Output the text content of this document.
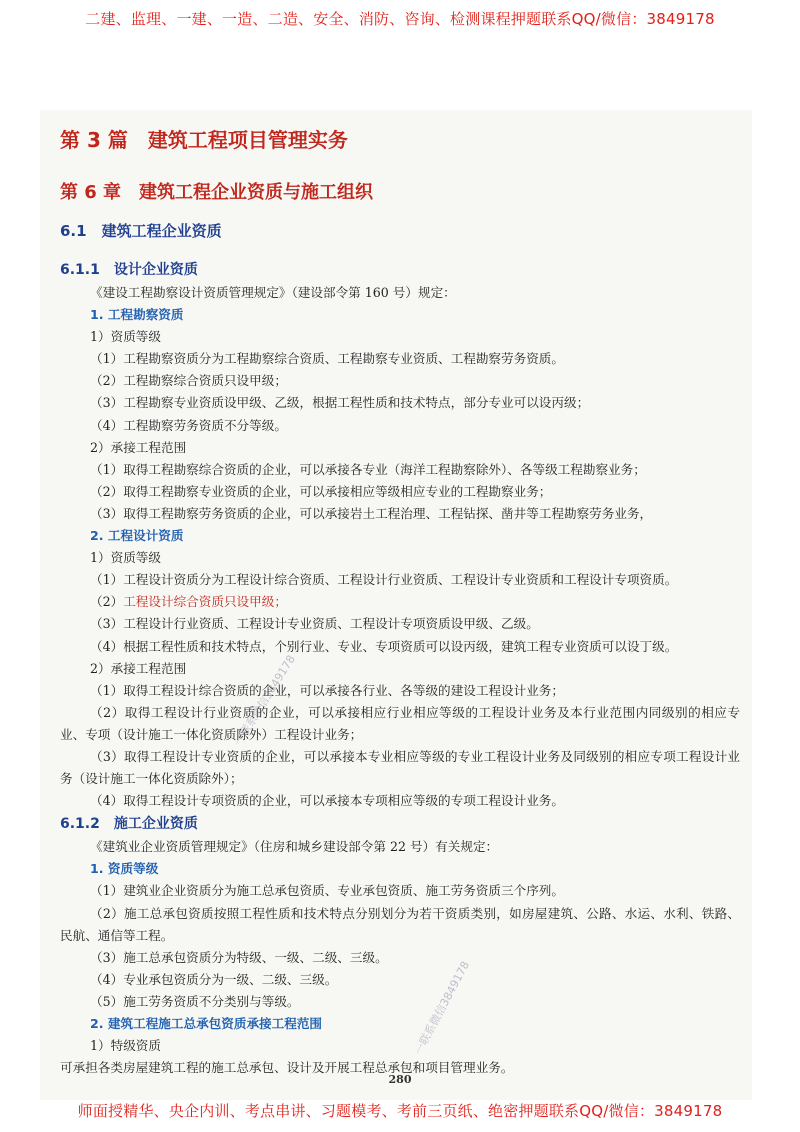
二建、监理、一建、一造、二造、安全、消防、咨询、检测课程押题联系QQ/微信：3849178
第 3 篇　建筑工程项目管理实务
第 6 章　建筑工程企业资质与施工组织
6.1　建筑工程企业资质

6.1.1　设计企业资质

《建设工程勘察设计资质管理规定》（建设部令第 160 号）规定：

1. 工程勘察资质

1）资质等级

（1）工程勘察资质分为工程勘察综合资质、工程勘察专业资质、工程勘察劳务资质。

（2）工程勘察综合资质只设甲级；

（3）工程勘察专业资质设甲级、乙级，根据工程性质和技术特点，部分专业可以设丙级；

（4）工程勘察劳务资质不分等级。

2）承接工程范围

（1）取得工程勘察综合资质的企业，可以承接各专业（海洋工程勘察除外）、各等级工程勘察业务；

（2）取得工程勘察专业资质的企业，可以承接相应等级相应专业的工程勘察业务；

（3）取得工程勘察劳务资质的企业，可以承接岩土工程治理、工程钻探、凿井等工程勘察劳务业务，

2. 工程设计资质

1）资质等级

（1）工程设计资质分为工程设计综合资质、工程设计行业资质、工程设计专业资质和工程设计专项资质。

（2）工程设计综合资质只设甲级；

（3）工程设计行业资质、工程设计专业资质、工程设计专项资质设甲级、乙级。

（4）根据工程性质和技术特点，个别行业、专业、专项资质可以设丙级，建筑工程专业资质可以设丁级。

2）承接工程范围

（1）取得工程设计综合资质的企业，可以承接各行业、各等级的建设工程设计业务；

（2）取得工程设计行业资质的企业，可以承接相应行业相应等级的工程设计业务及本行业范围内同级别的相应专业、专项（设计施工一体化资质除外）工程设计业务；

（3）取得工程设计专业资质的企业，可以承接本专业相应等级的专业工程设计业务及同级别的相应专项工程设计业务（设计施工一体化资质除外）；

（4）取得工程设计专项资质的企业，可以承接本专项相应等级的专项工程设计业务。

6.1.2　施工企业资质

《建筑业企业资质管理规定》（住房和城乡建设部令第 22 号）有关规定：

1. 资质等级

（1）建筑业企业资质分为施工总承包资质、专业承包资质、施工劳务资质三个序列。

（2）施工总承包资质按照工程性质和技术特点分别划分为若干资质类别，如房屋建筑、公路、水运、水利、铁路、民航、通信等工程。

（3）施工总承包资质分为特级、一级、二级、三级。

（4）专业承包资质分为一级、二级、三级。

（5）施工劳务资质不分类别与等级。

2. 建筑工程施工总承包资质承接工程范围

1）特级资质

可承担各类房屋建筑工程的施工总承包、设计及开展工程总承包和项目管理业务。

280
一联系微信3849178
一联系微信3849178
师面授精华、央企内训、考点串讲、习题模考、考前三页纸、绝密押题联系QQ/微信：3849178
